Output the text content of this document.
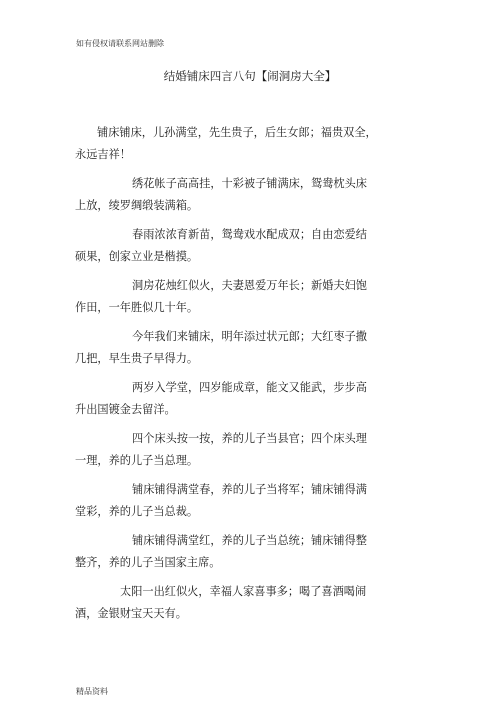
如有侵权请联系网站删除
结婚铺床四言八句【闹洞房大全】

铺床铺床，儿孙满堂，先生贵子，后生女郎；福贵双全，
永远吉祥！

绣花帐子高高挂，十彩被子铺满床，鸳鸯枕头床
上放，绫罗绸缎装满箱。

春雨浓浓育新苗，鸳鸯戏水配成双；自由恋爱结
硕果，创家立业是楷摸。

洞房花烛红似火，夫妻恩爱万年长；新婚夫妇饱
作田，一年胜似几十年。

今年我们来铺床，明年添过状元郎；大红枣子撒
几把，早生贵子早得力。

两岁入学堂，四岁能成章，能文又能武，步步高
升出国镀金去留洋。

四个床头按一按，养的儿子当县官；四个床头理
一理，养的儿子当总理。

铺床铺得满堂春，养的儿子当将军；铺床铺得满
堂彩，养的儿子当总裁。

铺床铺得满堂红，养的儿子当总统；铺床铺得整
整齐，养的儿子当国家主席。

太阳一出红似火，幸福人家喜事多；喝了喜酒喝闹
酒，金银财宝天天有。

精品资料
